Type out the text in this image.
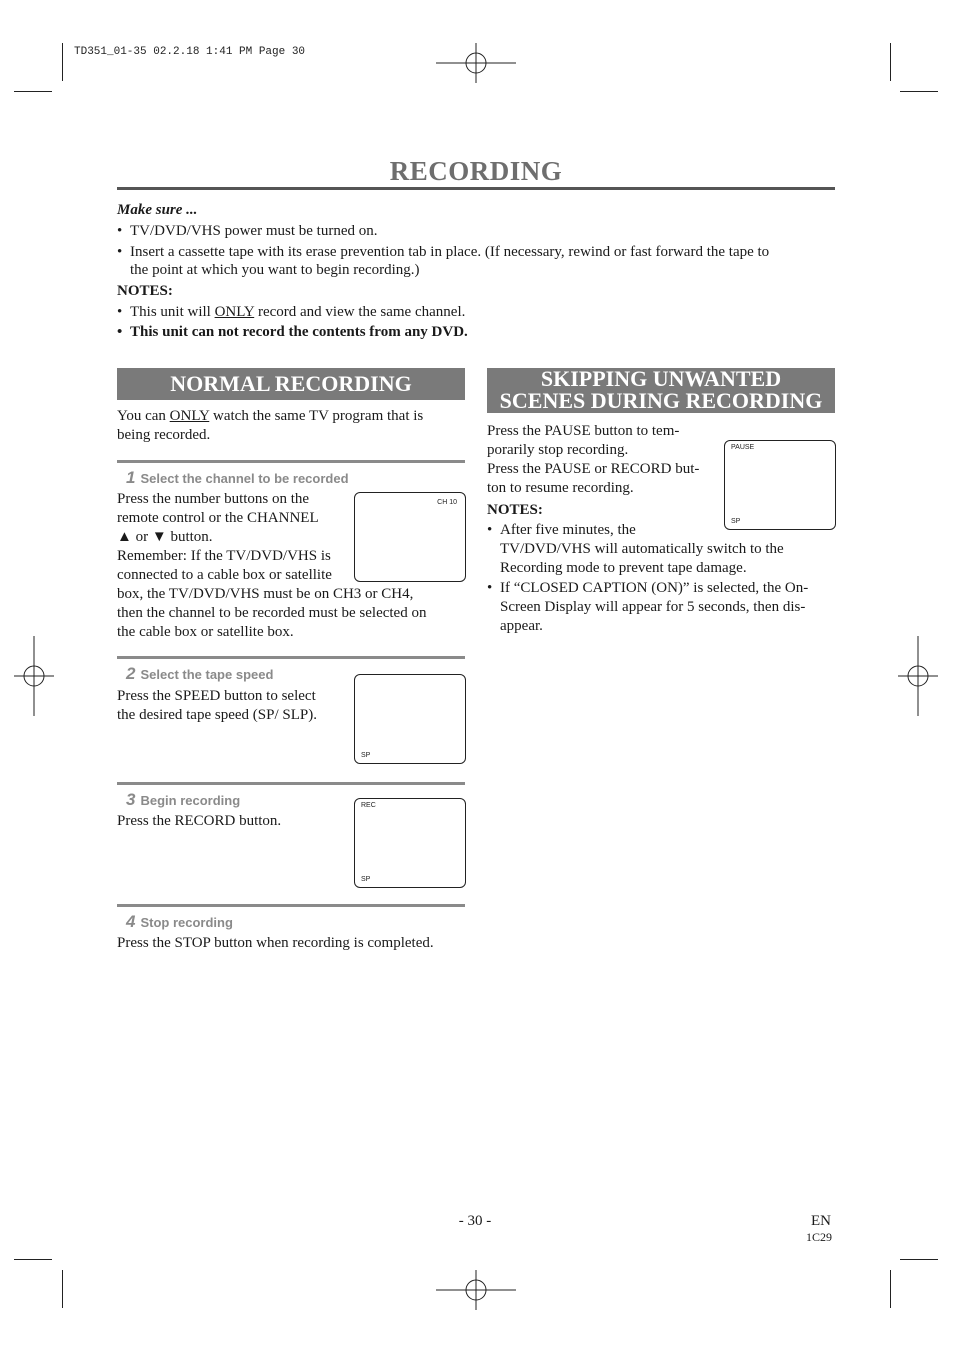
TD351_01-35 02.2.18 1:41 PM Page 30
RECORDING
Make sure ...
• TV/DVD/VHS power must be turned on.
• Insert a cassette tape with its erase prevention tab in place. (If necessary, rewind or fast forward the tape to
the point at which you want to begin recording.)
NOTES:
• This unit will ONLY record and view the same channel.
• This unit can not record the contents from any DVD.
NORMAL RECORDING
You can ONLY watch the same TV program that is
being recorded.
1 Select the channel to be recorded
Press the number buttons on the
remote control or the CHANNEL
▲ or ▼ button.
Remember: If the TV/DVD/VHS is
connected to a cable box or satellite
box, the TV/DVD/VHS must be on CH3 or CH4,
then the channel to be recorded must be selected on
the cable box or satellite box.
CH 10
2 Select the tape speed
Press the SPEED button to select
the desired tape speed (SP/ SLP).
SP
3 Begin recording
Press the RECORD button.
REC
SP
4 Stop recording
Press the STOP button when recording is completed.
SKIPPING UNWANTED
SCENES DURING RECORDING
Press the PAUSE button to tem-
porarily stop recording.
Press the PAUSE or RECORD but-
ton to resume recording.
NOTES:
• After five minutes, the
TV/DVD/VHS will automatically switch to the
Recording mode to prevent tape damage.
• If “CLOSED CAPTION (ON)” is selected, the On-
Screen Display will appear for 5 seconds, then dis-
appear.
PAUSE
SP
- 30 -	EN
1C29
